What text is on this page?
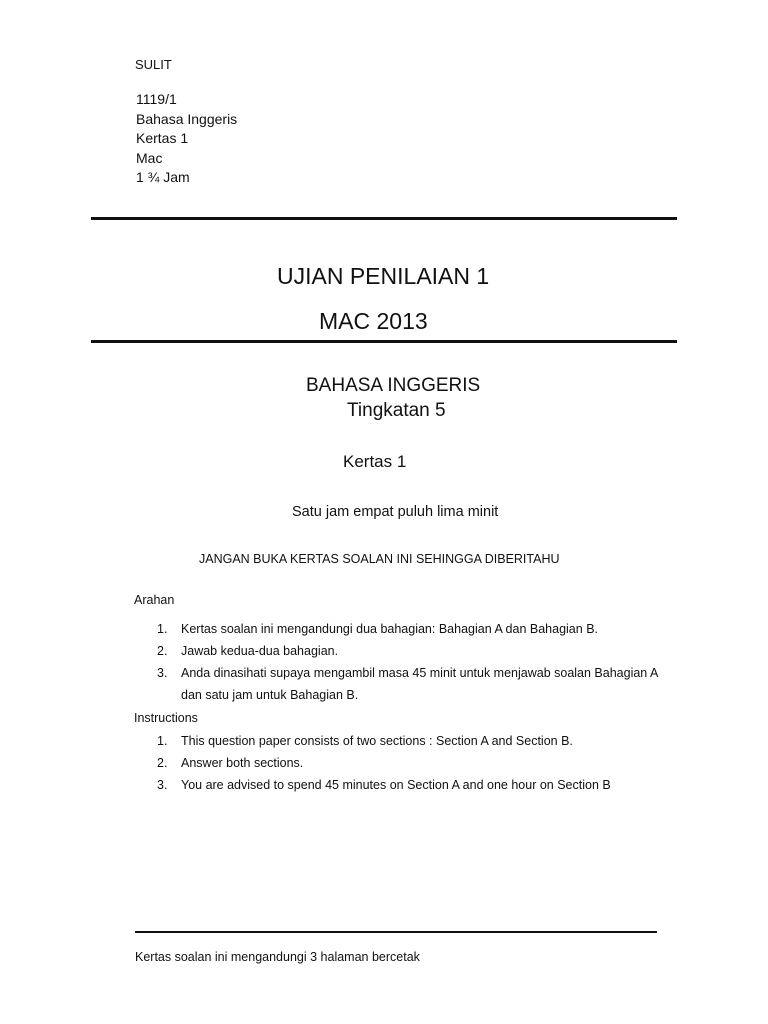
SULIT
1119/1
Bahasa Inggeris
Kertas 1
Mac
1 ¾ Jam
UJIAN PENILAIAN 1
MAC 2013
BAHASA INGGERIS
Tingkatan 5
Kertas 1
Satu jam empat puluh lima minit
JANGAN BUKA KERTAS SOALAN INI SEHINGGA DIBERITAHU
Arahan
1. Kertas soalan ini mengandungi dua bahagian: Bahagian A dan Bahagian B.
2. Jawab kedua-dua bahagian.
3. Anda dinasihati supaya mengambil masa 45 minit untuk menjawab soalan Bahagian A
dan satu jam untuk Bahagian B.
Instructions
1. This question paper consists of two sections : Section A and Section B.
2. Answer both sections.
3. You are advised to spend 45 minutes on Section A and one hour on Section B
Kertas soalan ini mengandungi 3 halaman bercetak
